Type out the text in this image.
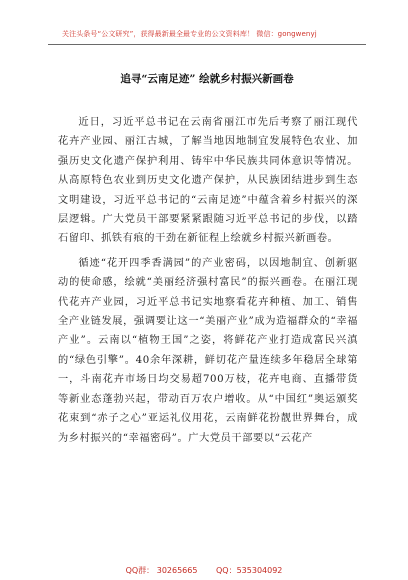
关注头条号“公文研究”，获得最新最全最专业的公文资料库！ 微信：gongwenyj
追寻“云南足迹” 绘就乡村振兴新画卷

近日，习近平总书记在云南省丽江市先后考察了丽江现代花卉产业园、丽江古城，了解当地因地制宜发展特色农业、加强历史文化遗产保护利用、铸牢中华民族共同体意识等情况。从高原特色农业到历史文化遗产保护，从民族团结进步到生态文明建设，习近平总书记的“云南足迹”中蕴含着乡村振兴的深层逻辑。广大党员干部要紧紧跟随习近平总书记的步伐，以踏石留印、抓铁有痕的干劲在新征程上绘就乡村振兴新画卷。

循迹“花开四季香满园”的产业密码，以因地制宜、创新驱动的使命感，绘就“美丽经济强村富民”的振兴画卷。在丽江现代花卉产业园，习近平总书记实地察看花卉种植、加工、销售全产业链发展，强调要让这一“美丽产业”成为造福群众的“幸福产业”。云南以“植物王国”之姿，将鲜花产业打造成富民兴滇的“绿色引擎”。40余年深耕，鲜切花产量连续多年稳居全球第一，斗南花卉市场日均交易超700万枝，花卉电商、直播带货等新业态蓬勃兴起，带动百万农户增收。从“中国红”奥运颁奖花束到“赤子之心”亚运礼仪用花，云南鲜花扮靓世界舞台，成为乡村振兴的“幸福密码”。广大党员干部要以“云花产

QQ群： 30265665 QQ：535304092
